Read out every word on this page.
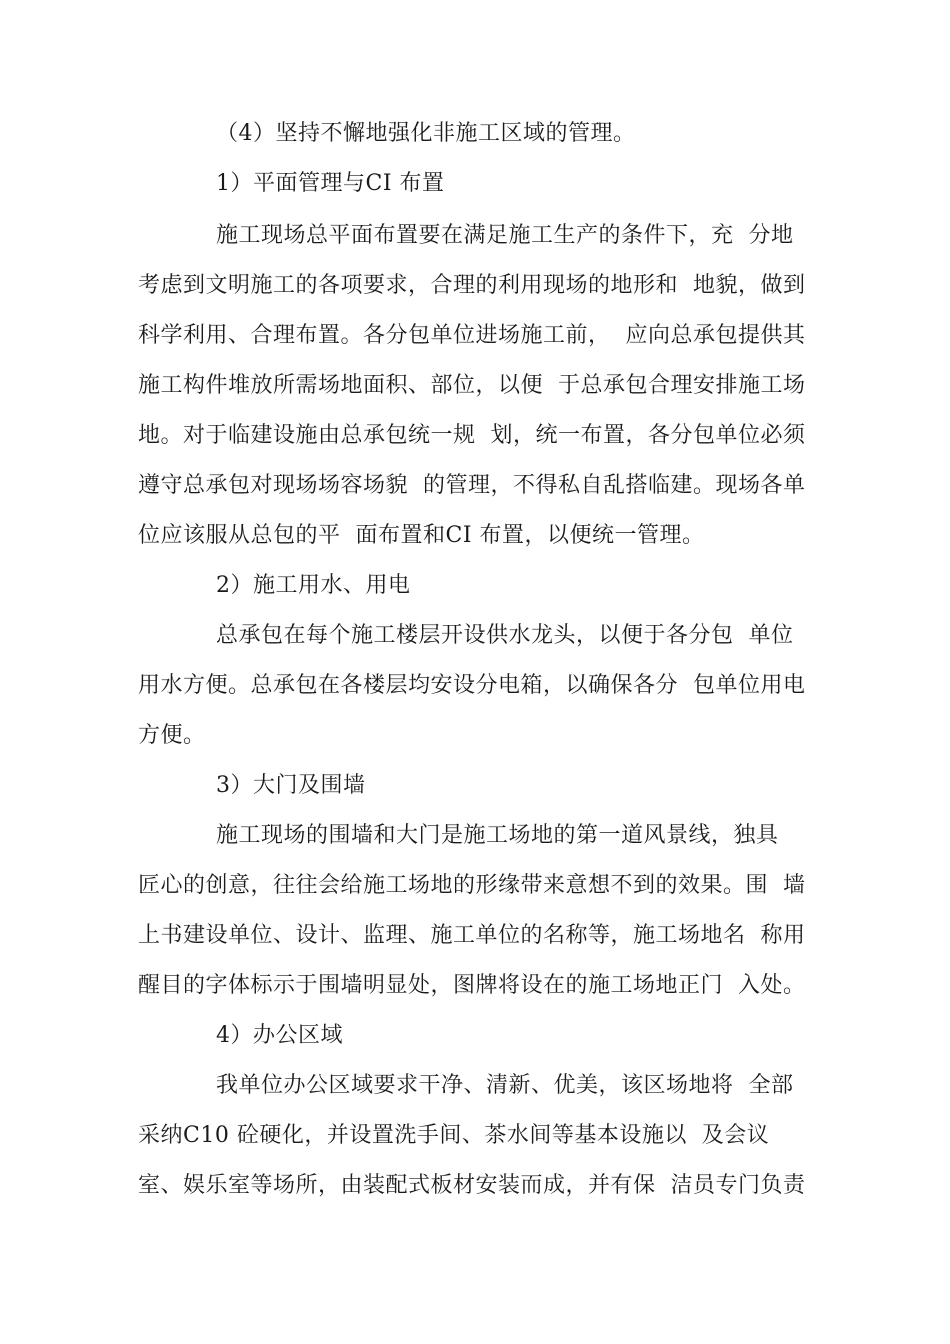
（4）坚持不懈地强化非施工区域的管理。
1）平面管理与CI 布置
施工现场总平面布置要在满足施工生产的条件下，充  分地
考虑到文明施工的各项要求，合理的利用现场的地形和  地貌，做到
科学利用、合理布置。各分包单位进场施工前，  应向总承包提供其
施工构件堆放所需场地面积、部位，以便  于总承包合理安排施工场
地。对于临建设施由总承包统一规  划，统一布置，各分包单位必须
遵守总承包对现场场容场貌  的管理，不得私自乱搭临建。现场各单
位应该服从总包的平  面布置和CI 布置，以便统一管理。
2）施工用水、用电
总承包在每个施工楼层开设供水龙头，以便于各分包  单位
用水方便。总承包在各楼层均安设分电箱，以确保各分  包单位用电
方便。
3）大门及围墙
施工现场的围墙和大门是施工场地的第一道风景线，独具
匠心的创意，往往会给施工场地的形缘带来意想不到的效果。围  墙
上书建设单位、设计、监理、施工单位的名称等，施工场地名  称用
醒目的字体标示于围墙明显处，图牌将设在的施工场地正门  入处。
4）办公区域
我单位办公区域要求干净、清新、优美，该区场地将  全部
采纳C10 砼硬化，并设置洗手间、茶水间等基本设施以  及会议
室、娱乐室等场所，由装配式板材安装而成，并有保  洁员专门负责
